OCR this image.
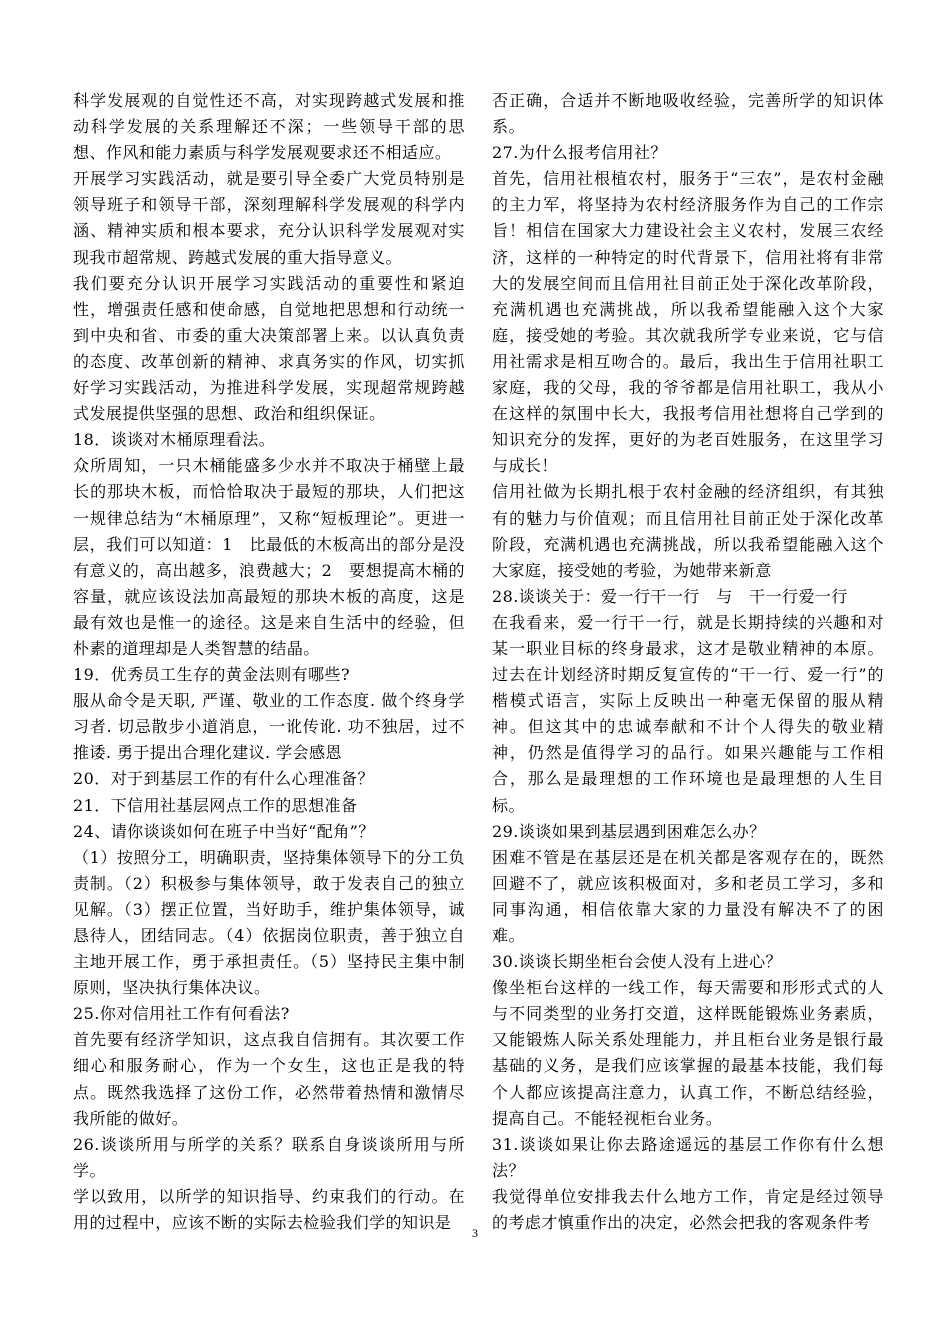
科学发展观的自觉性还不高，对实现跨越式发展和推动科学发展的关系理解还不深；一些领导干部的思想、作风和能力素质与科学发展观要求还不相适应。

开展学习实践活动，就是要引导全委广大党员特别是领导班子和领导干部，深刻理解科学发展观的科学内涵、精神实质和根本要求，充分认识科学发展观对实现我市超常规、跨越式发展的重大指导意义。

我们要充分认识开展学习实践活动的重要性和紧迫性，增强责任感和使命感，自觉地把思想和行动统一到中央和省、市委的重大决策部署上来。以认真负责的态度、改革创新的精神、求真务实的作风，切实抓好学习实践活动，为推进科学发展，实现超常规跨越式发展提供坚强的思想、政治和组织保证。

18．谈谈对木桶原理看法。

众所周知，一只木桶能盛多少水并不取决于桶壁上最长的那块木板，而恰恰取决于最短的那块，人们把这一规律总结为“木桶原理”，又称“短板理论”。更进一层，我们可以知道：1　比最低的木板高出的部分是没有意义的，高出越多，浪费越大；2　要想提高木桶的容量，就应该设法加高最短的那块木板的高度，这是最有效也是惟一的途径。这是来自生活中的经验，但朴素的道理却是人类智慧的结晶。

19．优秀员工生存的黄金法则有哪些?

服从命令是天职, 严谨、敬业的工作态度. 做个终身学习者. 切忌散步小道消息，一讹传讹. 功不独居，过不推诿. 勇于提出合理化建议. 学会感恩

20．对于到基层工作的有什么心理准备？

21．下信用社基层网点工作的思想准备

24、请你谈谈如何在班子中当好“配角”？

（1）按照分工，明确职责，坚持集体领导下的分工负责制。（2）积极参与集体领导，敢于发表自己的独立见解。（3）摆正位置，当好助手，维护集体领导，诚恳待人，团结同志。（4）依据岗位职责，善于独立自主地开展工作，勇于承担责任。（5）坚持民主集中制原则，坚决执行集体决议。

25.你对信用社工作有何看法?

首先要有经济学知识，这点我自信拥有。其次要工作细心和服务耐心，作为一个女生，这也正是我的特点。既然我选择了这份工作，必然带着热情和激情尽我所能的做好。

26.谈谈所用与所学的关系？联系自身谈谈所用与所学。

学以致用，以所学的知识指导、约束我们的行动。在用的过程中，应该不断的实际去检验我们学的知识是

否正确，合适并不断地吸收经验，完善所学的知识体系。

27.为什么报考信用社？

首先，信用社根植农村，服务于“三农”，是农村金融的主力军，将坚持为农村经济服务作为自己的工作宗旨！相信在国家大力建设社会主义农村，发展三农经济，这样的一种特定的时代背景下，信用社将有非常大的发展空间而且信用社目前正处于深化改革阶段，充满机遇也充满挑战，所以我希望能融入这个大家庭，接受她的考验。其次就我所学专业来说，它与信用社需求是相互吻合的。最后，我出生于信用社职工家庭，我的父母，我的爷爷都是信用社职工，我从小在这样的氛围中长大，我报考信用社想将自己学到的知识充分的发挥，更好的为老百姓服务，在这里学习与成长！

信用社做为长期扎根于农村金融的经济组织，有其独有的魅力与价值观；而且信用社目前正处于深化改革阶段，充满机遇也充满挑战，所以我希望能融入这个大家庭，接受她的考验，为她带来新意

28.谈谈关于：爱一行干一行　与　干一行爱一行

在我看来，爱一行干一行，就是长期持续的兴趣和对某一职业目标的终身最求，这才是敬业精神的本原。过去在计划经济时期反复宣传的“干一行、爱一行”的楷模式语言，实际上反映出一种毫无保留的服从精神。但这其中的忠诚奉献和不计个人得失的敬业精神，仍然是值得学习的品行。如果兴趣能与工作相合，那么是最理想的工作环境也是最理想的人生目标。

29.谈谈如果到基层遇到困难怎么办？

困难不管是在基层还是在机关都是客观存在的，既然回避不了，就应该积极面对，多和老员工学习，多和同事沟通，相信依靠大家的力量没有解决不了的困难。

30.谈谈长期坐柜台会使人没有上进心？

像坐柜台这样的一线工作，每天需要和形形式式的人与不同类型的业务打交道，这样既能锻炼业务素质，又能锻炼人际关系处理能力，并且柜台业务是银行最基础的义务，是我们应该掌握的最基本技能，我们每个人都应该提高注意力，认真工作，不断总结经验，提高自己。不能轻视柜台业务。

31.谈谈如果让你去路途遥远的基层工作你有什么想法？

我觉得单位安排我去什么地方工作，肯定是经过领导的考虑才慎重作出的决定，必然会把我的客观条件考

3
